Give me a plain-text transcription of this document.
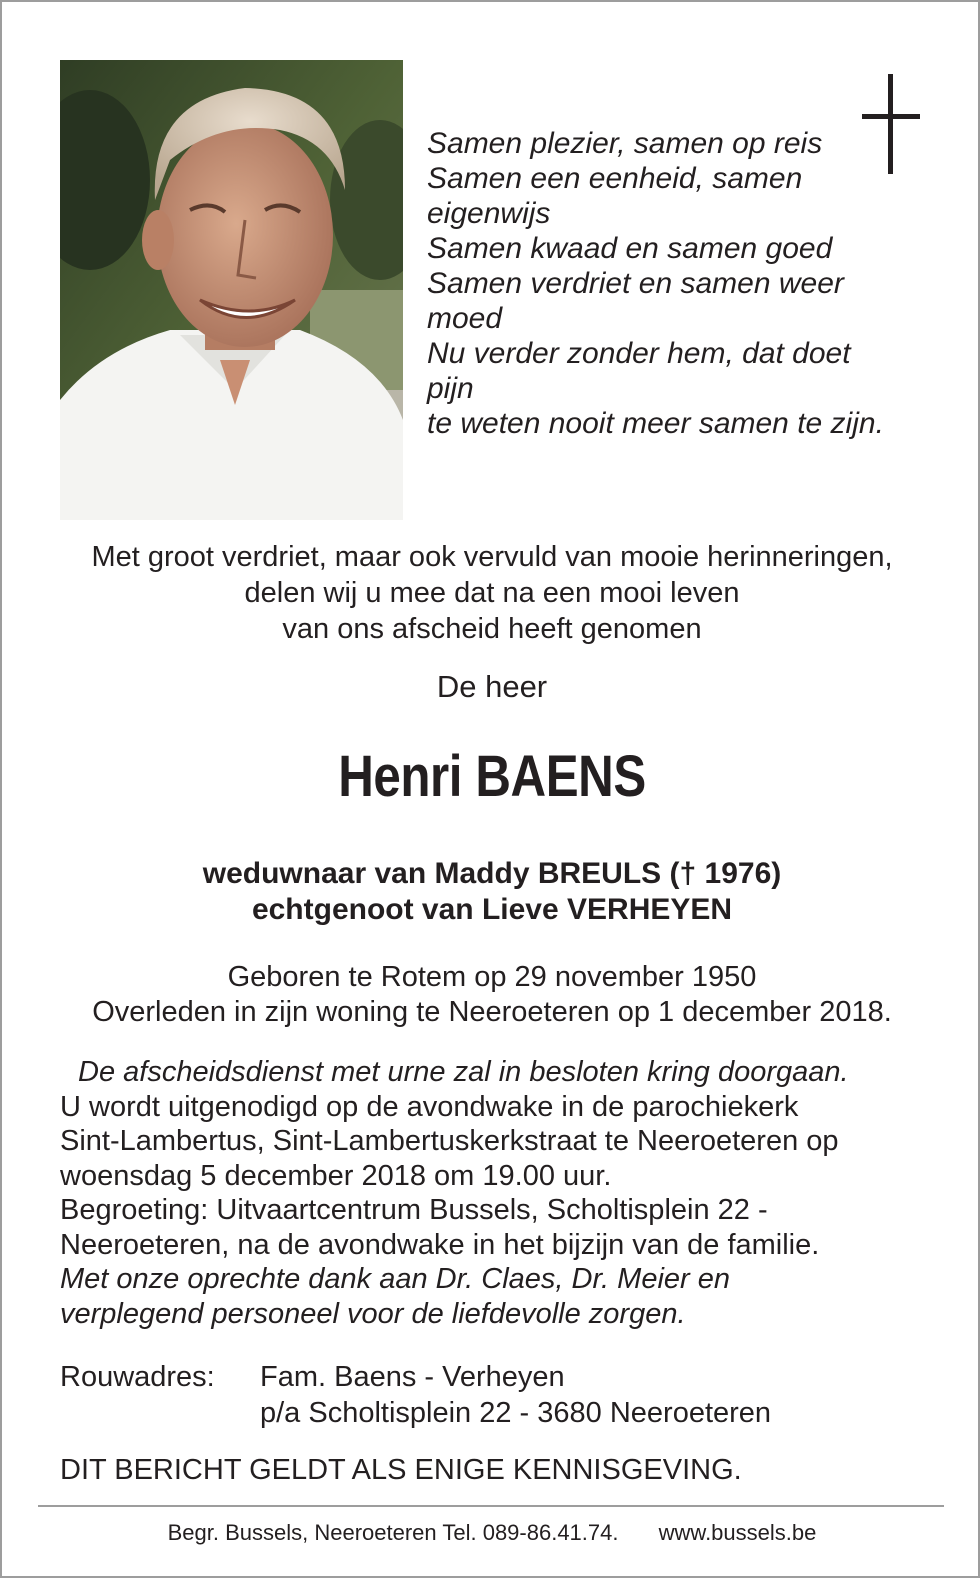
Samen plezier, samen op reis
Samen een eenheid, samen
eigenwijs
Samen kwaad en samen goed
Samen verdriet en samen weer
moed
Nu verder zonder hem, dat doet
pijn
te weten nooit meer samen te zijn.
Met groot verdriet, maar ook vervuld van mooie herinneringen,
delen wij u mee dat na een mooi leven
van ons afscheid heeft genomen
De heer
Henri BAENS
weduwnaar van Maddy BREULS († 1976)
echtgenoot van Lieve VERHEYEN
Geboren te Rotem op 29 november 1950
Overleden in zijn woning te Neeroeteren op 1 december 2018.
De afscheidsdienst met urne zal in besloten kring doorgaan.
U wordt uitgenodigd op de avondwake in de parochiekerk
Sint-Lambertus, Sint-Lambertuskerkstraat te Neeroeteren op
woensdag 5 december 2018 om 19.00 uur.
Begroeting: Uitvaartcentrum Bussels, Scholtisplein 22 -
Neeroeteren, na de avondwake in het bijzijn van de familie.
Met onze oprechte dank aan Dr. Claes, Dr. Meier en
verplegend personeel voor de liefdevolle zorgen.
Rouwadres:	Fam. Baens - Verheyen
p/a Scholtisplein 22 - 3680 Neeroeteren
DIT BERICHT GELDT ALS ENIGE KENNISGEVING.
Begr. Bussels, Neeroeteren Tel. 089-86.41.74. www.bussels.be
